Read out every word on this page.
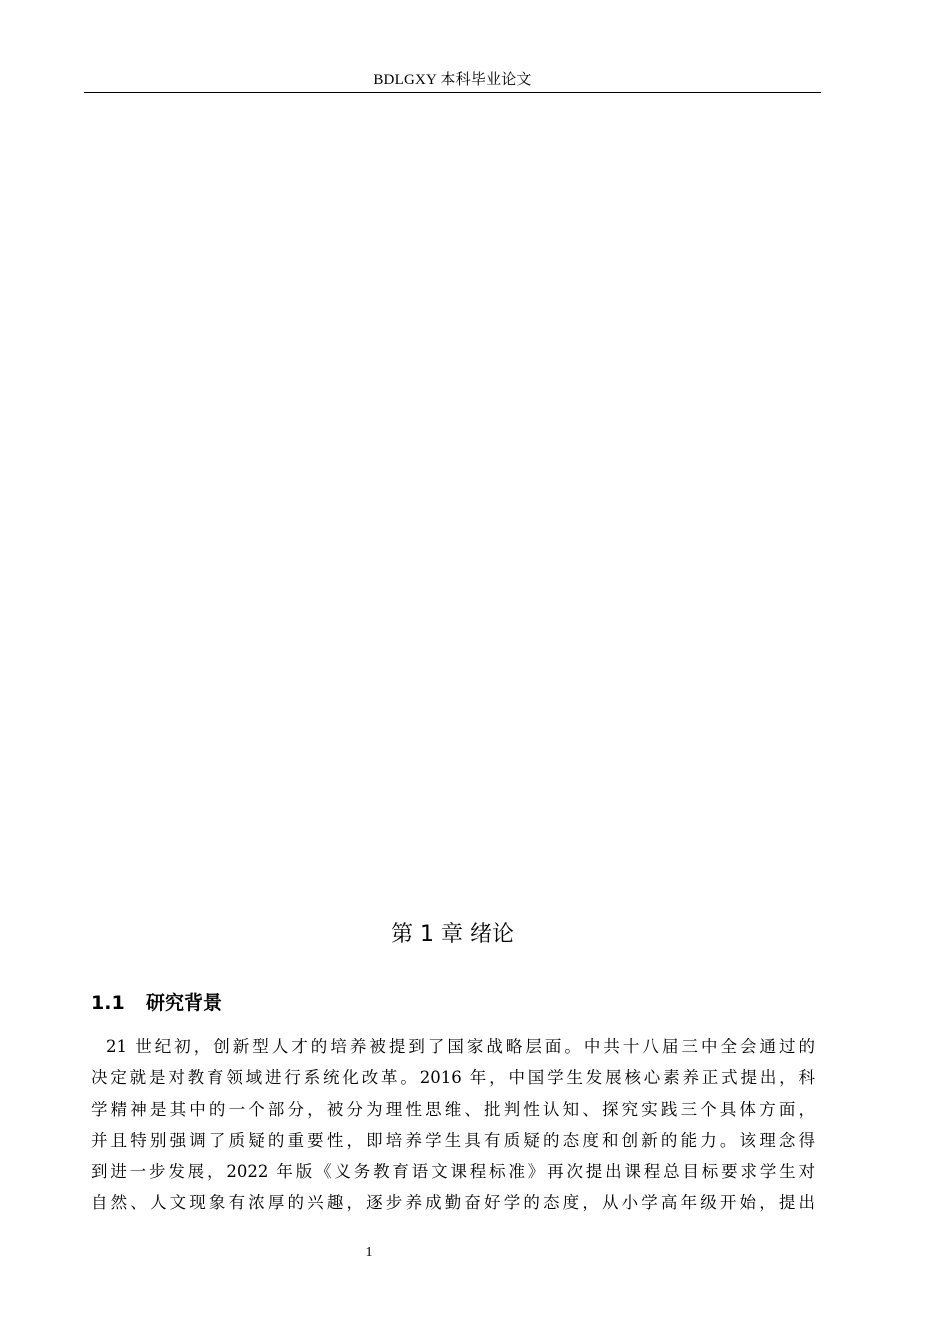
BDLGXY 本科毕业论文
第 1 章 绪论
1.1 研究背景
21 世纪初，创新型人才的培养被提到了国家战略层面。中共十八届三中全会通过的
决定就是对教育领域进行系统化改革。2016 年，中国学生发展核心素养正式提出，科
学精神是其中的一个部分，被分为理性思维、批判性认知、探究实践三个具体方面，
并且特别强调了质疑的重要性，即培养学生具有质疑的态度和创新的能力。该理念得
到进一步发展，2022 年版《义务教育语文课程标准》再次提出课程总目标要求学生对
自然、人文现象有浓厚的兴趣，逐步养成勤奋好学的态度，从小学高年级开始，提出
1
